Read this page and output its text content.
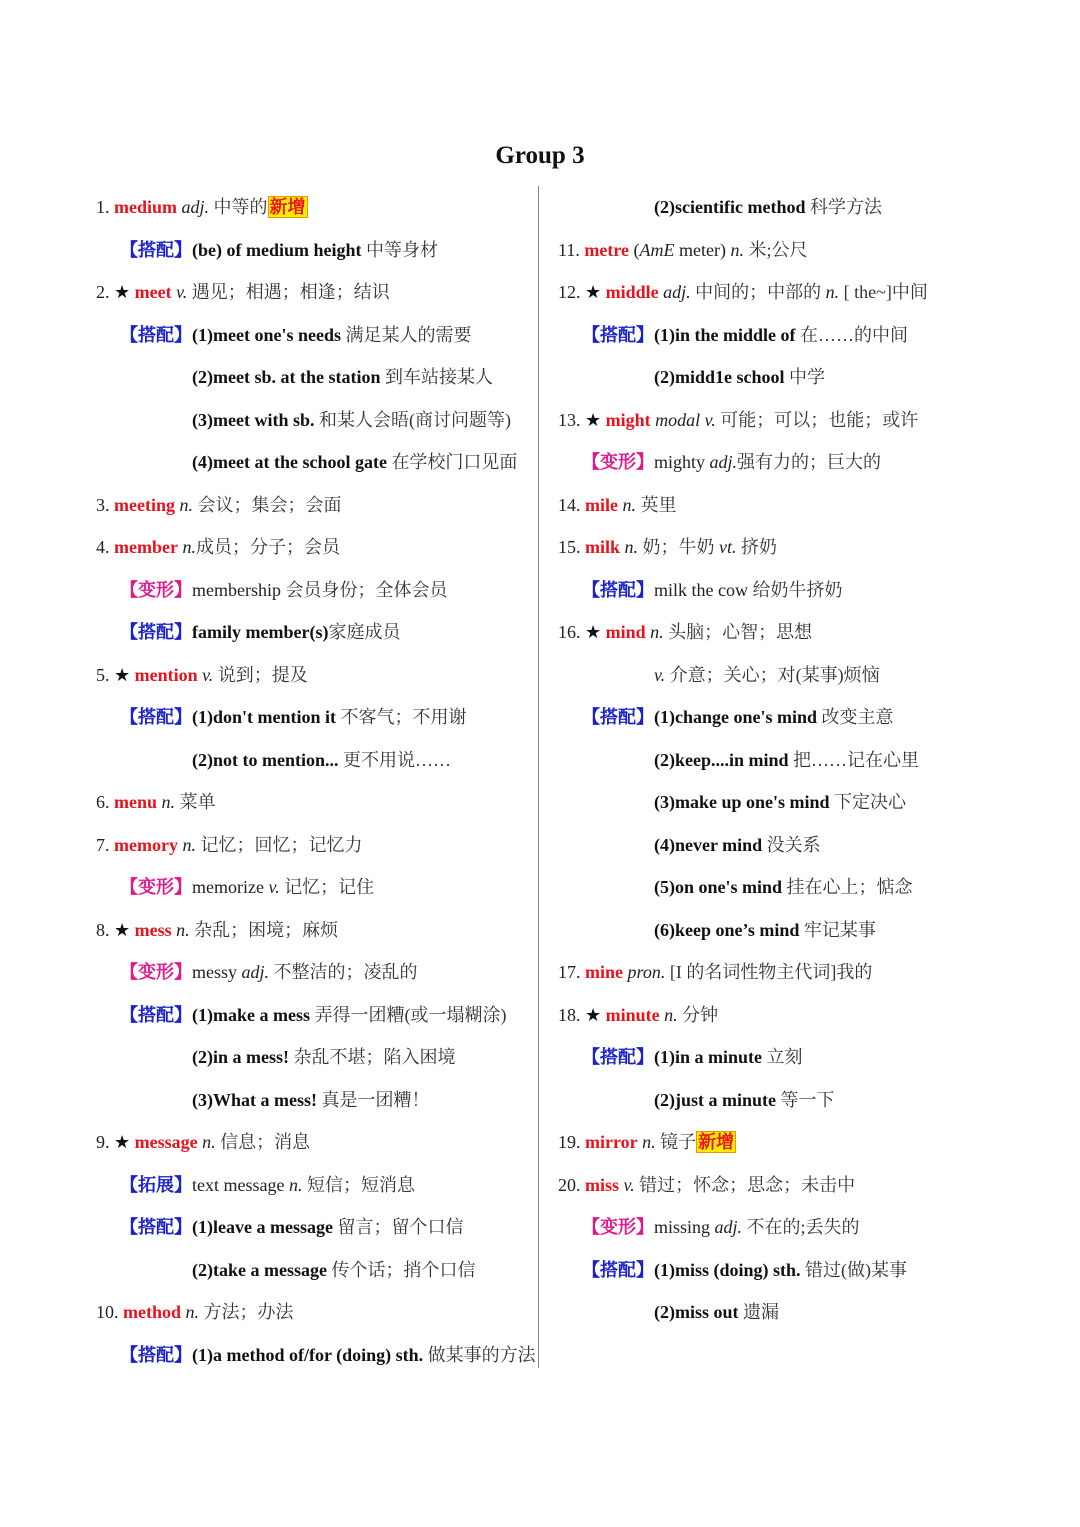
Group 3
1. medium adj. 中等的 新增
【搭配】(be) of medium height 中等身材
2. ★ meet v. 遇见；相遇；相逢；结识
【搭配】(1)meet one's needs 满足某人的需要
(2)meet sb. at the station 到车站接某人
(3)meet with sb. 和某人会晤(商讨问题等)
(4)meet at the school gate 在学校门口见面
3. meeting n. 会议；集会；会面
4. member n.成员；分子；会员
【变形】membership 会员身份；全体会员
【搭配】family member(s)家庭成员
5. ★ mention v. 说到；提及
【搭配】(1)don't mention it 不客气；不用谢
(2)not to mention... 更不用说……
6. menu n. 菜单
7. memory n. 记忆；回忆；记忆力
【变形】memorize v. 记忆；记住
8. ★ mess n. 杂乱；困境；麻烦
【变形】messy adj. 不整洁的；凌乱的
【搭配】(1)make a mess 弄得一团糟(或一塌糊涂)
(2)in a mess! 杂乱不堪；陷入困境
(3)What a mess! 真是一团糟！
9. ★ message n. 信息；消息
【拓展】text message n. 短信；短消息
【搭配】(1)leave a message 留言；留个口信
(2)take a message 传个话；捎个口信
10. method n. 方法；办法
【搭配】(1)a method of/for (doing) sth. 做某事的方法
(2)scientific method 科学方法
11. metre (AmE meter) n. 米;公尺
12. ★ middle adj. 中间的；中部的 n. [ the~]中间
【搭配】(1)in the middle of 在……的中间
(2)midd1e school 中学
13. ★ might modal v. 可能；可以；也能；或许
【变形】mighty adj.强有力的；巨大的
14. mile n. 英里
15. milk n. 奶；牛奶 vt. 挤奶
【搭配】milk the cow 给奶牛挤奶
16. ★ mind n. 头脑；心智；思想
v. 介意；关心；对(某事)烦恼
【搭配】(1)change one's mind 改变主意
(2)keep....in mind 把……记在心里
(3)make up one's mind 下定决心
(4)never mind 没关系
(5)on one's mind 挂在心上；惦念
(6)keep one’s mind 牢记某事
17. mine pron. [I 的名词性物主代词]我的
18. ★ minute n. 分钟
【搭配】(1)in a minute 立刻
(2)just a minute 等一下
19. mirror n. 镜子 新增
20. miss v. 错过；怀念；思念；未击中
【变形】missing adj. 不在的;丢失的
【搭配】(1)miss (doing) sth. 错过(做)某事
(2)miss out 遗漏
